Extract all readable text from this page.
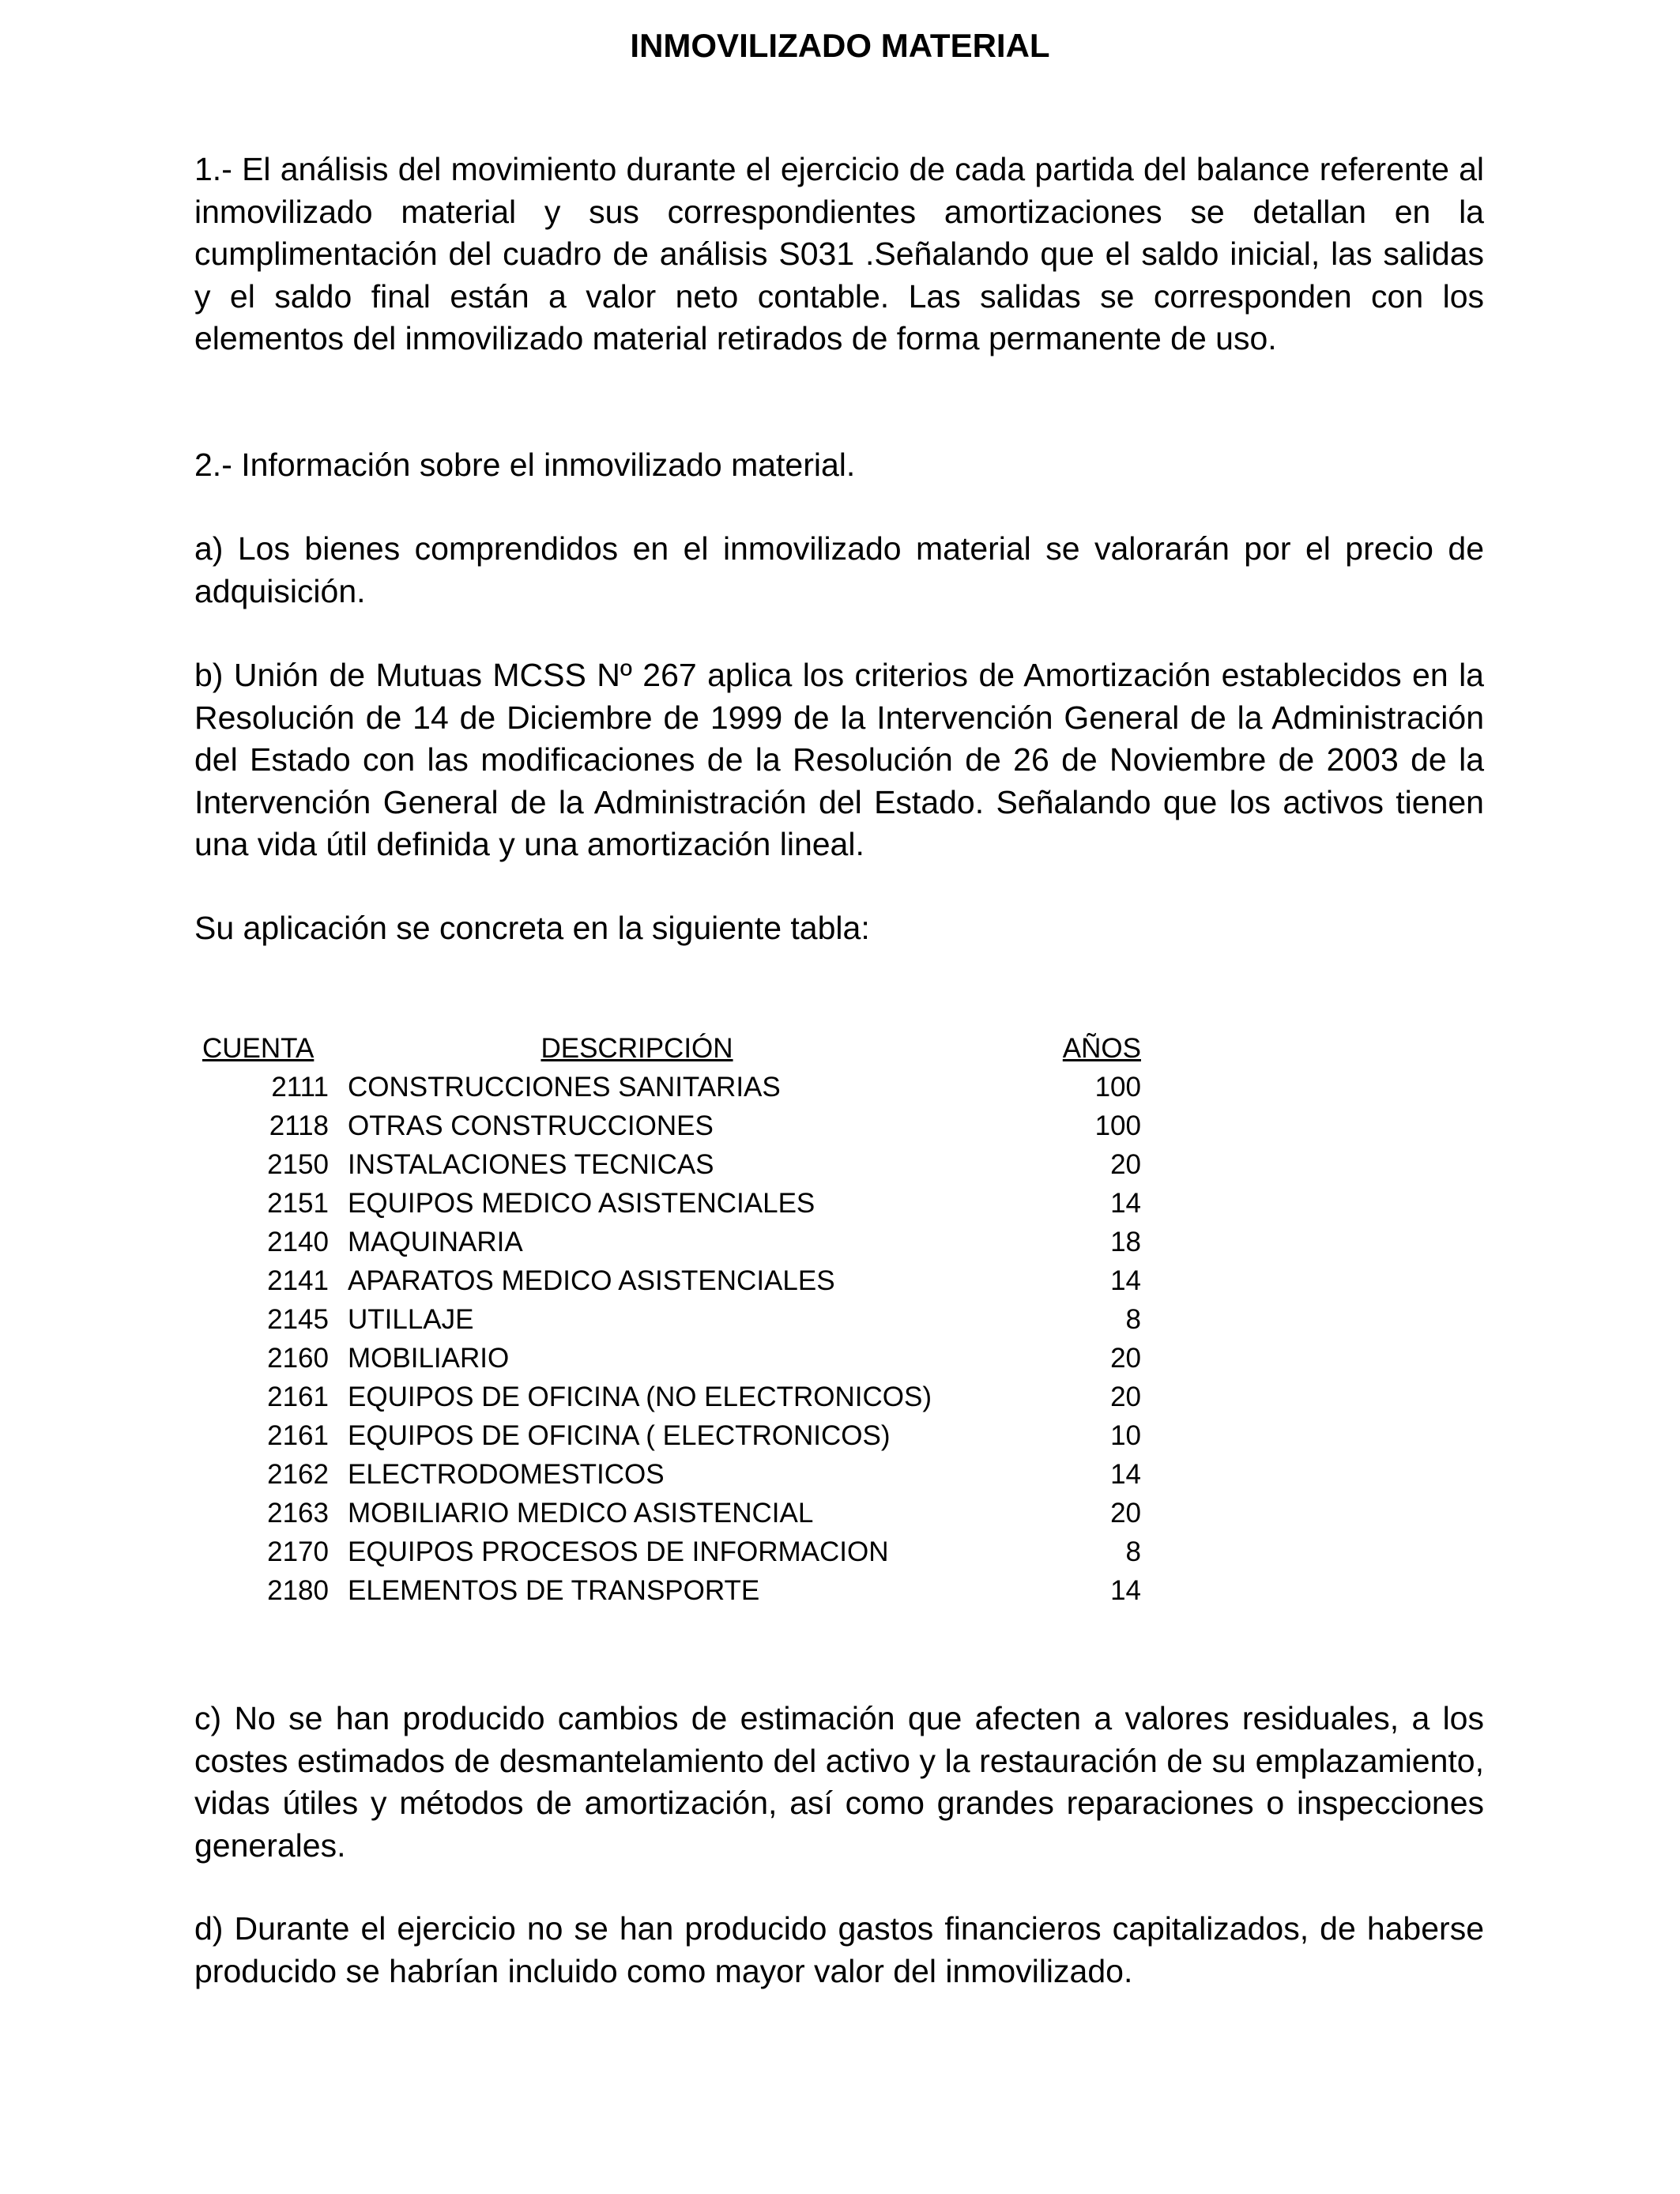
INMOVILIZADO MATERIAL
1.- El análisis del movimiento durante el ejercicio de cada partida del balance referente al inmovilizado material y sus correspondientes amortizaciones se detallan en la cumplimentación del cuadro de análisis S031 .Señalando que el saldo inicial, las salidas y el saldo final están a valor neto contable. Las salidas se corresponden con los elementos del inmovilizado material retirados de forma permanente de uso.
2.- Información sobre el inmovilizado material.
a) Los bienes comprendidos en el inmovilizado material se valorarán por el precio de adquisición.
b) Unión de Mutuas MCSS Nº 267 aplica los criterios de Amortización establecidos en la Resolución de 14 de Diciembre de 1999 de la Intervención General de la Administración del Estado con las modificaciones de la Resolución de 26 de Noviembre de 2003 de la Intervención General de la Administración del Estado. Señalando que los activos tienen una vida útil definida y una amortización lineal.
Su aplicación se concreta en la siguiente tabla:
CUENTA	DESCRIPCIÓN	AÑOS
2111 CONSTRUCCIONES SANITARIAS	100
2118 OTRAS CONSTRUCCIONES	100
2150 INSTALACIONES TECNICAS	20
2151 EQUIPOS MEDICO ASISTENCIALES	14
2140 MAQUINARIA	18
2141 APARATOS MEDICO ASISTENCIALES	14
2145 UTILLAJE	8
2160 MOBILIARIO	20
2161 EQUIPOS DE OFICINA (NO ELECTRONICOS)	20
2161 EQUIPOS DE OFICINA ( ELECTRONICOS)	10
2162 ELECTRODOMESTICOS	14
2163 MOBILIARIO MEDICO ASISTENCIAL	20
2170 EQUIPOS PROCESOS DE INFORMACION	8
2180 ELEMENTOS DE TRANSPORTE	14
c) No se han producido cambios de estimación que afecten a valores residuales, a los costes estimados de desmantelamiento del activo y la restauración de su emplazamiento, vidas útiles y métodos de amortización, así como grandes reparaciones o inspecciones generales.
d) Durante el ejercicio no se han producido gastos financieros capitalizados, de haberse producido se habrían incluido como mayor valor del inmovilizado.
